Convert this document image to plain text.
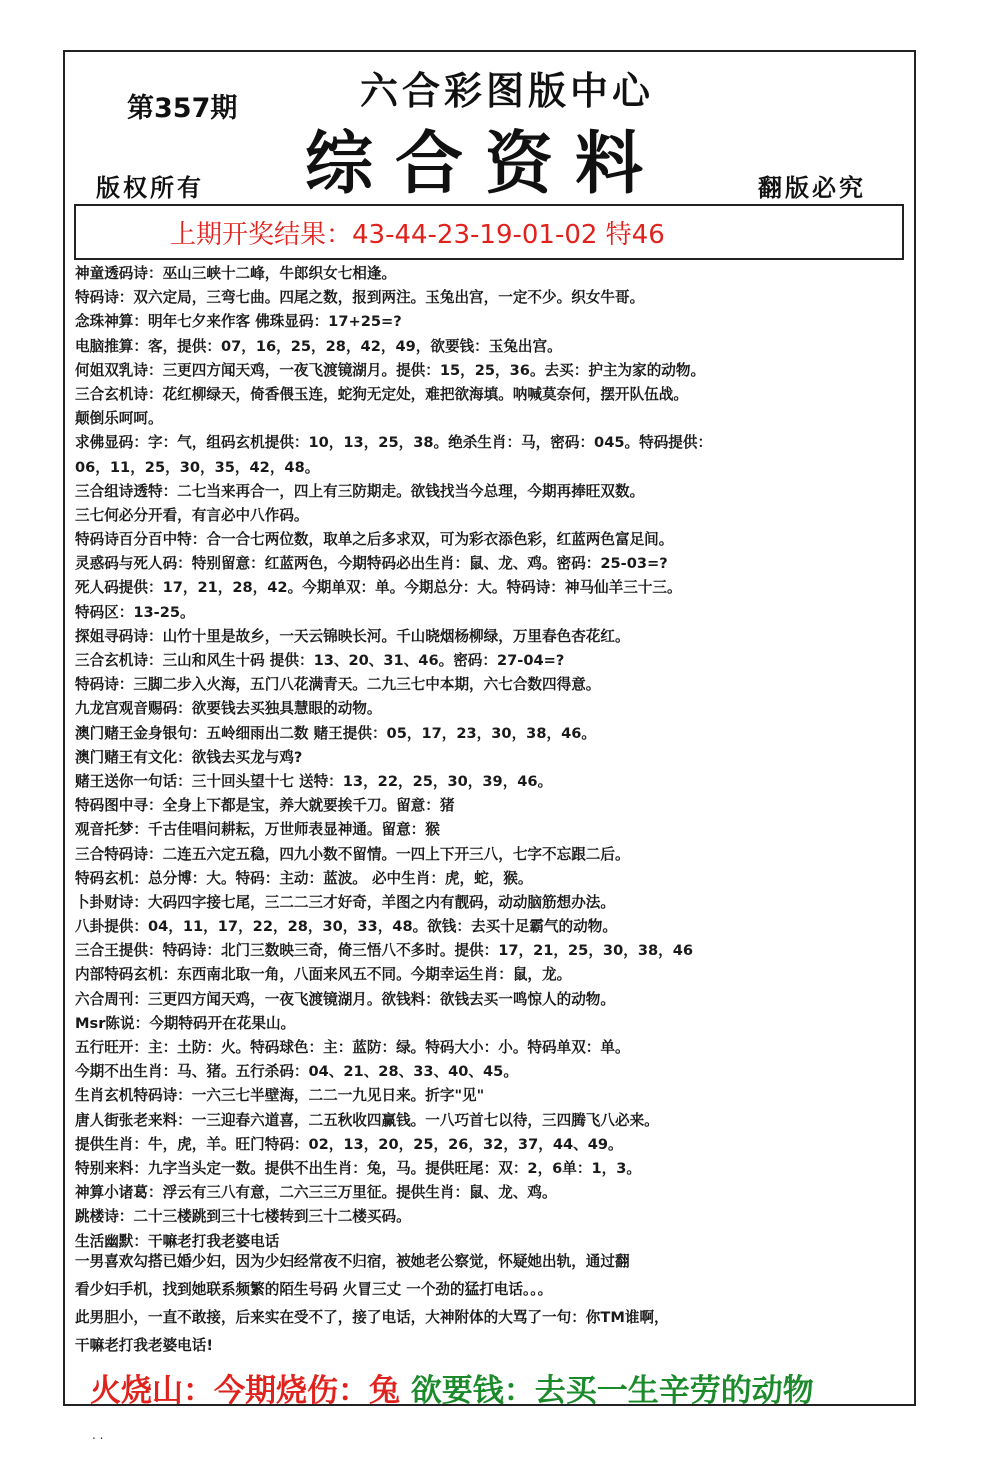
第357期	六合彩图版中心
综合资料
版权所有	翻版必究
上期开奖结果：43-44-23-19-01-02 特46
神童透码诗：巫山三峡十二峰，牛郎织女七相逢。
特码诗：双六定局，三弯七曲。四尾之数，报到两注。玉兔出宫，一定不少。织女牛哥。
念珠神算：明年七夕来作客 佛珠显码：17+25=?
电脑推算：客，提供：07，16，25，28，42，49，欲要钱：玉兔出宫。
何姐双乳诗：三更四方闻天鸡，一夜飞渡镜湖月。提供：15，25，36。去买：护主为家的动物。
三合玄机诗：花红柳绿天，倚香偎玉连，蛇狗无定处，难把欲海填。呐喊莫奈何，摆开队伍战。
颠倒乐呵呵。
求佛显码：字：气，组码玄机提供：10，13，25，38。绝杀生肖：马，密码：045。特码提供：
06，11，25，30，35，42，48。
三合组诗透特：二七当来再合一，四上有三防期走。欲钱找当今总理，今期再捧旺双数。
三七何必分开看，有言必中八作码。
特码诗百分百中特：合一合七两位数，取单之后多求双，可为彩衣添色彩，红蓝两色富足间。
灵惑码与死人码：特别留意：红蓝两色，今期特码必出生肖：鼠、龙、鸡。密码：25-03=?
死人码提供：17，21，28，42。今期单双：单。今期总分：大。特码诗：神马仙羊三十三。
特码区：13-25。
探姐寻码诗：山竹十里是故乡，一天云锦映长河。千山晓烟杨柳绿，万里春色杏花红。
三合玄机诗：三山和风生十码 提供：13、20、31、46。密码：27-04=?
特码诗：三脚二步入火海，五门八花满青天。二九三七中本期，六七合数四得意。
九龙宫观音赐码：欲要钱去买独具慧眼的动物。
澳门赌王金身银句：五岭细雨出二数 赌王提供：05，17，23，30，38，46。
澳门赌王有文化：欲钱去买龙与鸡?
赌王送你一句话：三十回头望十七 送特：13，22，25，30，39，46。
特码图中寻：全身上下都是宝，养大就要挨千刀。留意：猪
观音托梦：千古佳唱问耕耘，万世师表显神通。留意：猴
三合特码诗：二连五六定五稳，四九小数不留情。一四上下开三八，七字不忘跟二后。
特码玄机：总分博：大。特码：主动：蓝波。 必中生肖：虎，蛇，猴。
卜卦财诗：大码四字接七尾，三二二三才好奇，羊图之内有靓码，动动脑筋想办法。
八卦提供：04，11，17，22，28，30，33，48。欲钱：去买十足霸气的动物。
三合王提供：特码诗：北门三数映三奇，倚三悟八不多时。提供：17，21，25，30，38，46
内部特码玄机：东西南北取一角，八面来风五不同。今期幸运生肖：鼠，龙。
六合周刊：三更四方闻天鸡，一夜飞渡镜湖月。欲钱料：欲钱去买一鸣惊人的动物。
Msr陈说：今期特码开在花果山。
五行旺开：主：土防：火。特码球色：主：蓝防：绿。特码大小：小。特码单双：单。
今期不出生肖：马、猪。五行杀码：04、21、28、33、40、45。
生肖玄机特码诗：一六三七半壁海，二二一九见日来。折字"见"
唐人街张老来料：一三迎春六道喜，二五秋收四赢钱。一八巧首七以待，三四腾飞八必来。
提供生肖：牛，虎，羊。旺门特码：02，13，20，25，26，32，37，44、49。
特别来料：九字当头定一数。提供不出生肖：兔，马。提供旺尾：双：2，6单：1，3。
神算小诸葛：浮云有三八有意，二六三三万里征。提供生肖：鼠、龙、鸡。
跳楼诗：二十三楼跳到三十七楼转到三十二楼买码。
生活幽默：干嘛老打我老婆电话
一男喜欢勾搭已婚少妇，因为少妇经常夜不归宿，被她老公察觉，怀疑她出轨，通过翻
看少妇手机，找到她联系频繁的陌生号码 火冒三丈 一个劲的猛打电话。。。
此男胆小，一直不敢接，后来实在受不了，接了电话，大神附体的大骂了一句：你TM谁啊，
干嘛老打我老婆电话!
火烧山：今期烧伤：兔 欲要钱：去买一生辛劳的动物
. .
